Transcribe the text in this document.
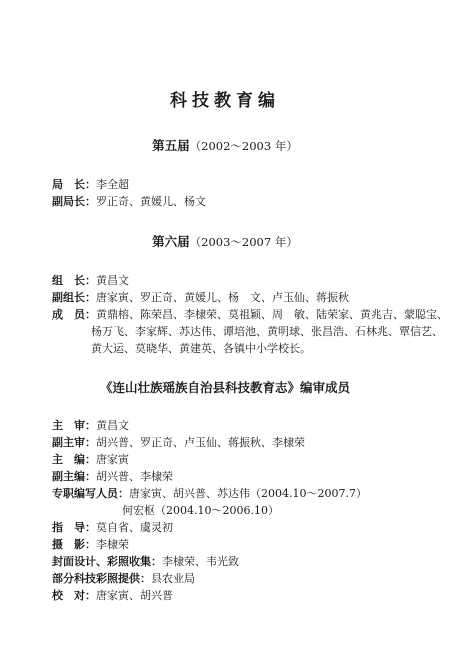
科技教育编
第五届（2002～2003 年）
局　长：李全超
副局长：罗正奇、黄媛儿、杨文
第六届（2003～2007 年）
组　长：黄昌文
副组长：唐家寅、罗正奇、黄媛儿、杨　文、卢玉仙、蒋振秋
成　员：黄鼎榕、陈荣昌、李棣荣、莫祖颖、周　敏、陆荣家、黄兆吉、蒙聪宝、
杨万飞、李家辉、苏达伟、谭培池、黄明球、张昌浩、石林兆、覃信艺、
黄大运、莫晓华、黄建英、各镇中小学校长。
《连山壮族瑶族自治县科技教育志》编审成员
主　审：黄昌文
副主审：胡兴普、罗正奇、卢玉仙、蒋振秋、李棣荣
主　编：唐家寅
副主编：胡兴普、李棣荣
专职编写人员：唐家寅、胡兴普、苏达伟（2004.10～2007.7）
何宏枢（2004.10～2006.10）
指　导：莫自省、虞灵初
摄　影：李棣荣
封面设计、彩照收集：李棣荣、韦光致
部分科技彩照提供：县农业局
校　对：唐家寅、胡兴普
